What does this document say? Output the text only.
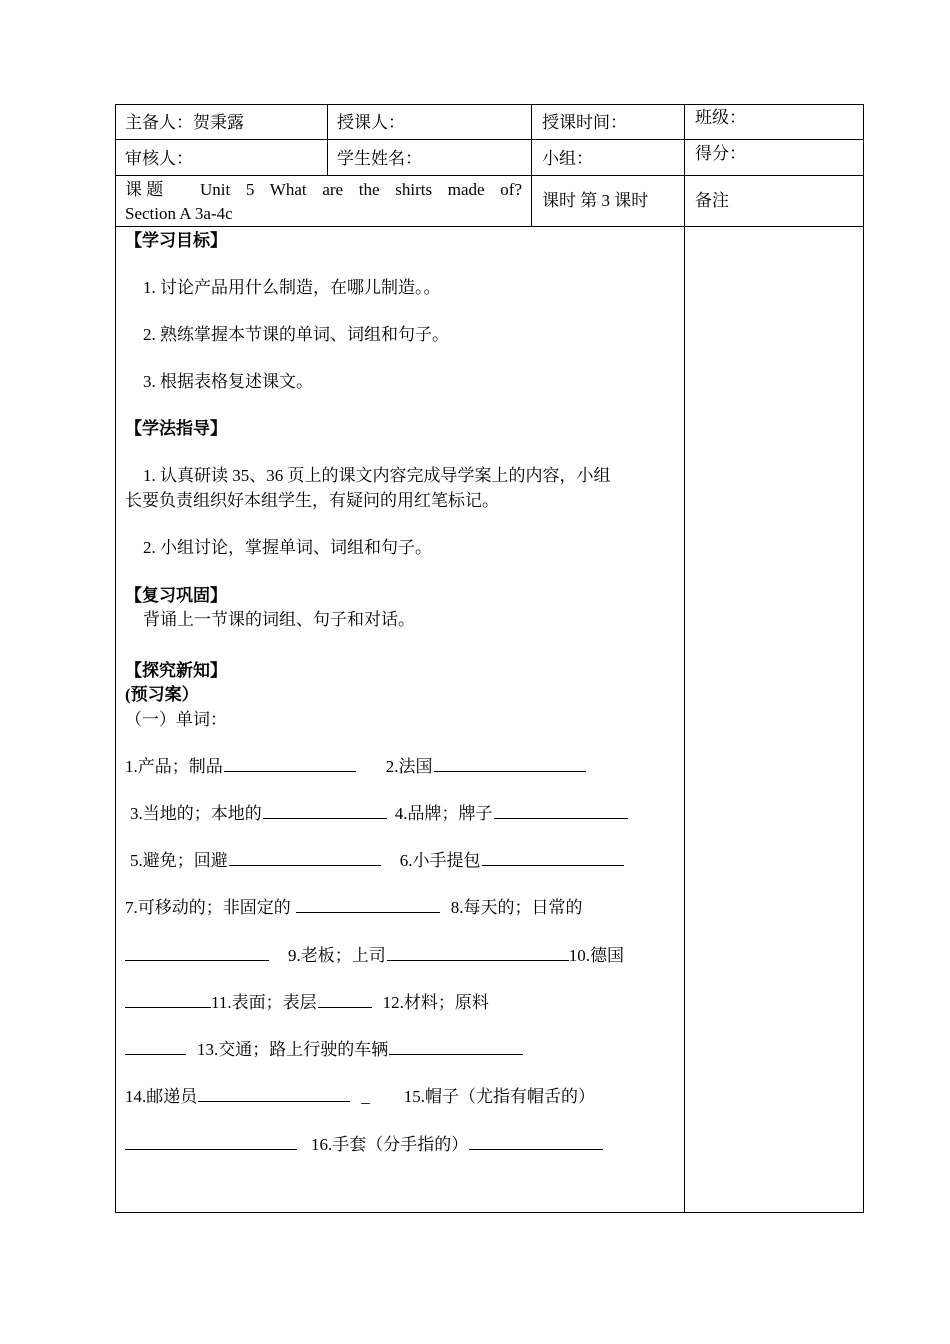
主备人：贺秉露	授课人：	授课时间：	班级：
审核人：	学生姓名：	小组：	得分：
课 题 Unit 5 What are the shirts made of?
Section A 3a-4c
课时 第 3 课时	备注
【学习目标】
1. 讨论产品用什么制造，在哪儿制造。。
2. 熟练掌握本节课的单词、词组和句子。
3. 根据表格复述课文。
【学法指导】
1. 认真研读 35、36 页上的课文内容完成导学案上的内容，小组
长要负责组织好本组学生，有疑问的用红笔标记。
2. 小组讨论，掌握单词、词组和句子。
【复习巩固】
背诵上一节课的词组、句子和对话。
【探究新知】
(预习案）
（一）单词：
1.产品；制品	2.法国
3.当地的；本地的	4.品牌；牌子
5.避免；回避	6.小手提包
7.可移动的；非固定的	8.每天的；日常的
9.老板；上司	10.德国
11.表面；表层	12.材料；原料
13.交通；路上行驶的车辆
14.邮递员	_ 15.帽子（尤指有帽舌的）
16.手套（分手指的）
